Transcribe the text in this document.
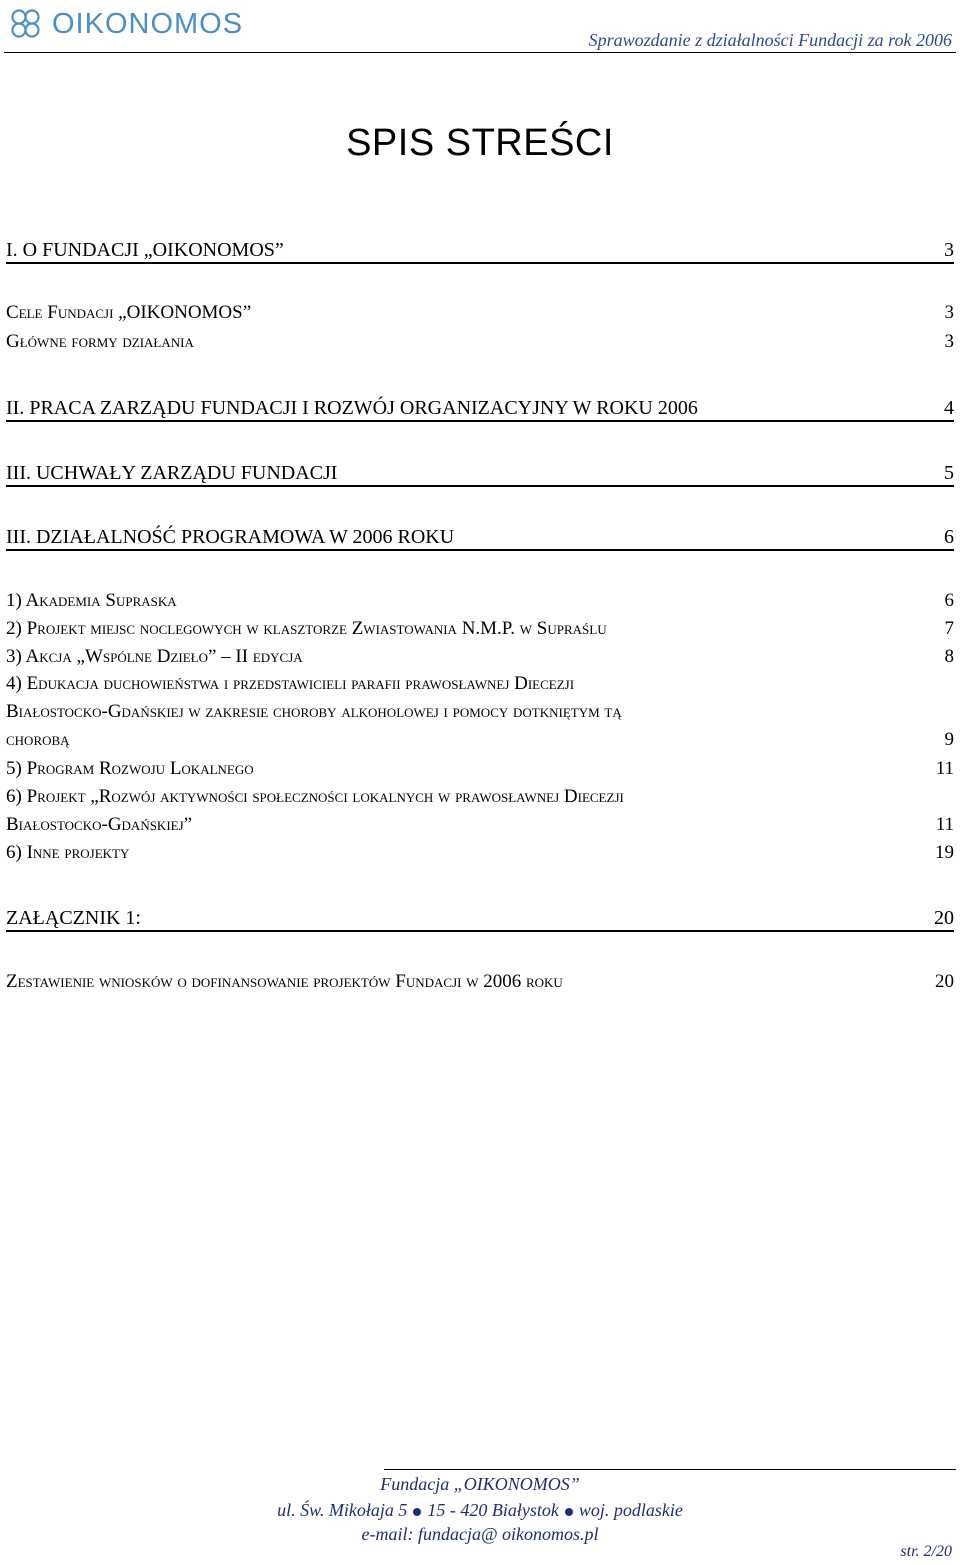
OIKONOMOS	Sprawozdanie z działalności Fundacji za rok 2006
SPIS STREŚCI
I. O FUNDACJI „OIKONOMOS”	3
Cele Fundacji „OIKONOMOS”	3
Główne formy działania	3
II. PRACA ZARZĄDU FUNDACJI I ROZWÓJ ORGANIZACYJNY W ROKU 2006	4
III. UCHWAŁY ZARZĄDU FUNDACJI	5
III. DZIAŁALNOŚĆ PROGRAMOWA W 2006 ROKU	6
1) Akademia Supraska	6
2) Projekt miejsc noclegowych w klasztorze Zwiastowania N.M.P. w Supraślu	7
3) Akcja „Wspólne Dzieło” – II edycja	8
4) Edukacja duchowieństwa i przedstawicieli parafii prawosławnej Diecezji
Białostocko-Gdańskiej w zakresie choroby alkoholowej i pomocy dotkniętym tą
chorobą	9
5) Program Rozwoju Lokalnego	11
6) Projekt „Rozwój aktywności społeczności lokalnych w prawosławnej Diecezji
Białostocko-Gdańskiej”	11
6) Inne projekty	19
ZAŁĄCZNIK 1:	20
Zestawienie wniosków o dofinansowanie projektów Fundacji w 2006 roku	20
Fundacja „OIKONOMOS”
ul. Św. Mikołaja 5 15 - 420 Białystok woj. podlaskie
e-mail: fundacja@ oikonomos.pl
str. 2/20
